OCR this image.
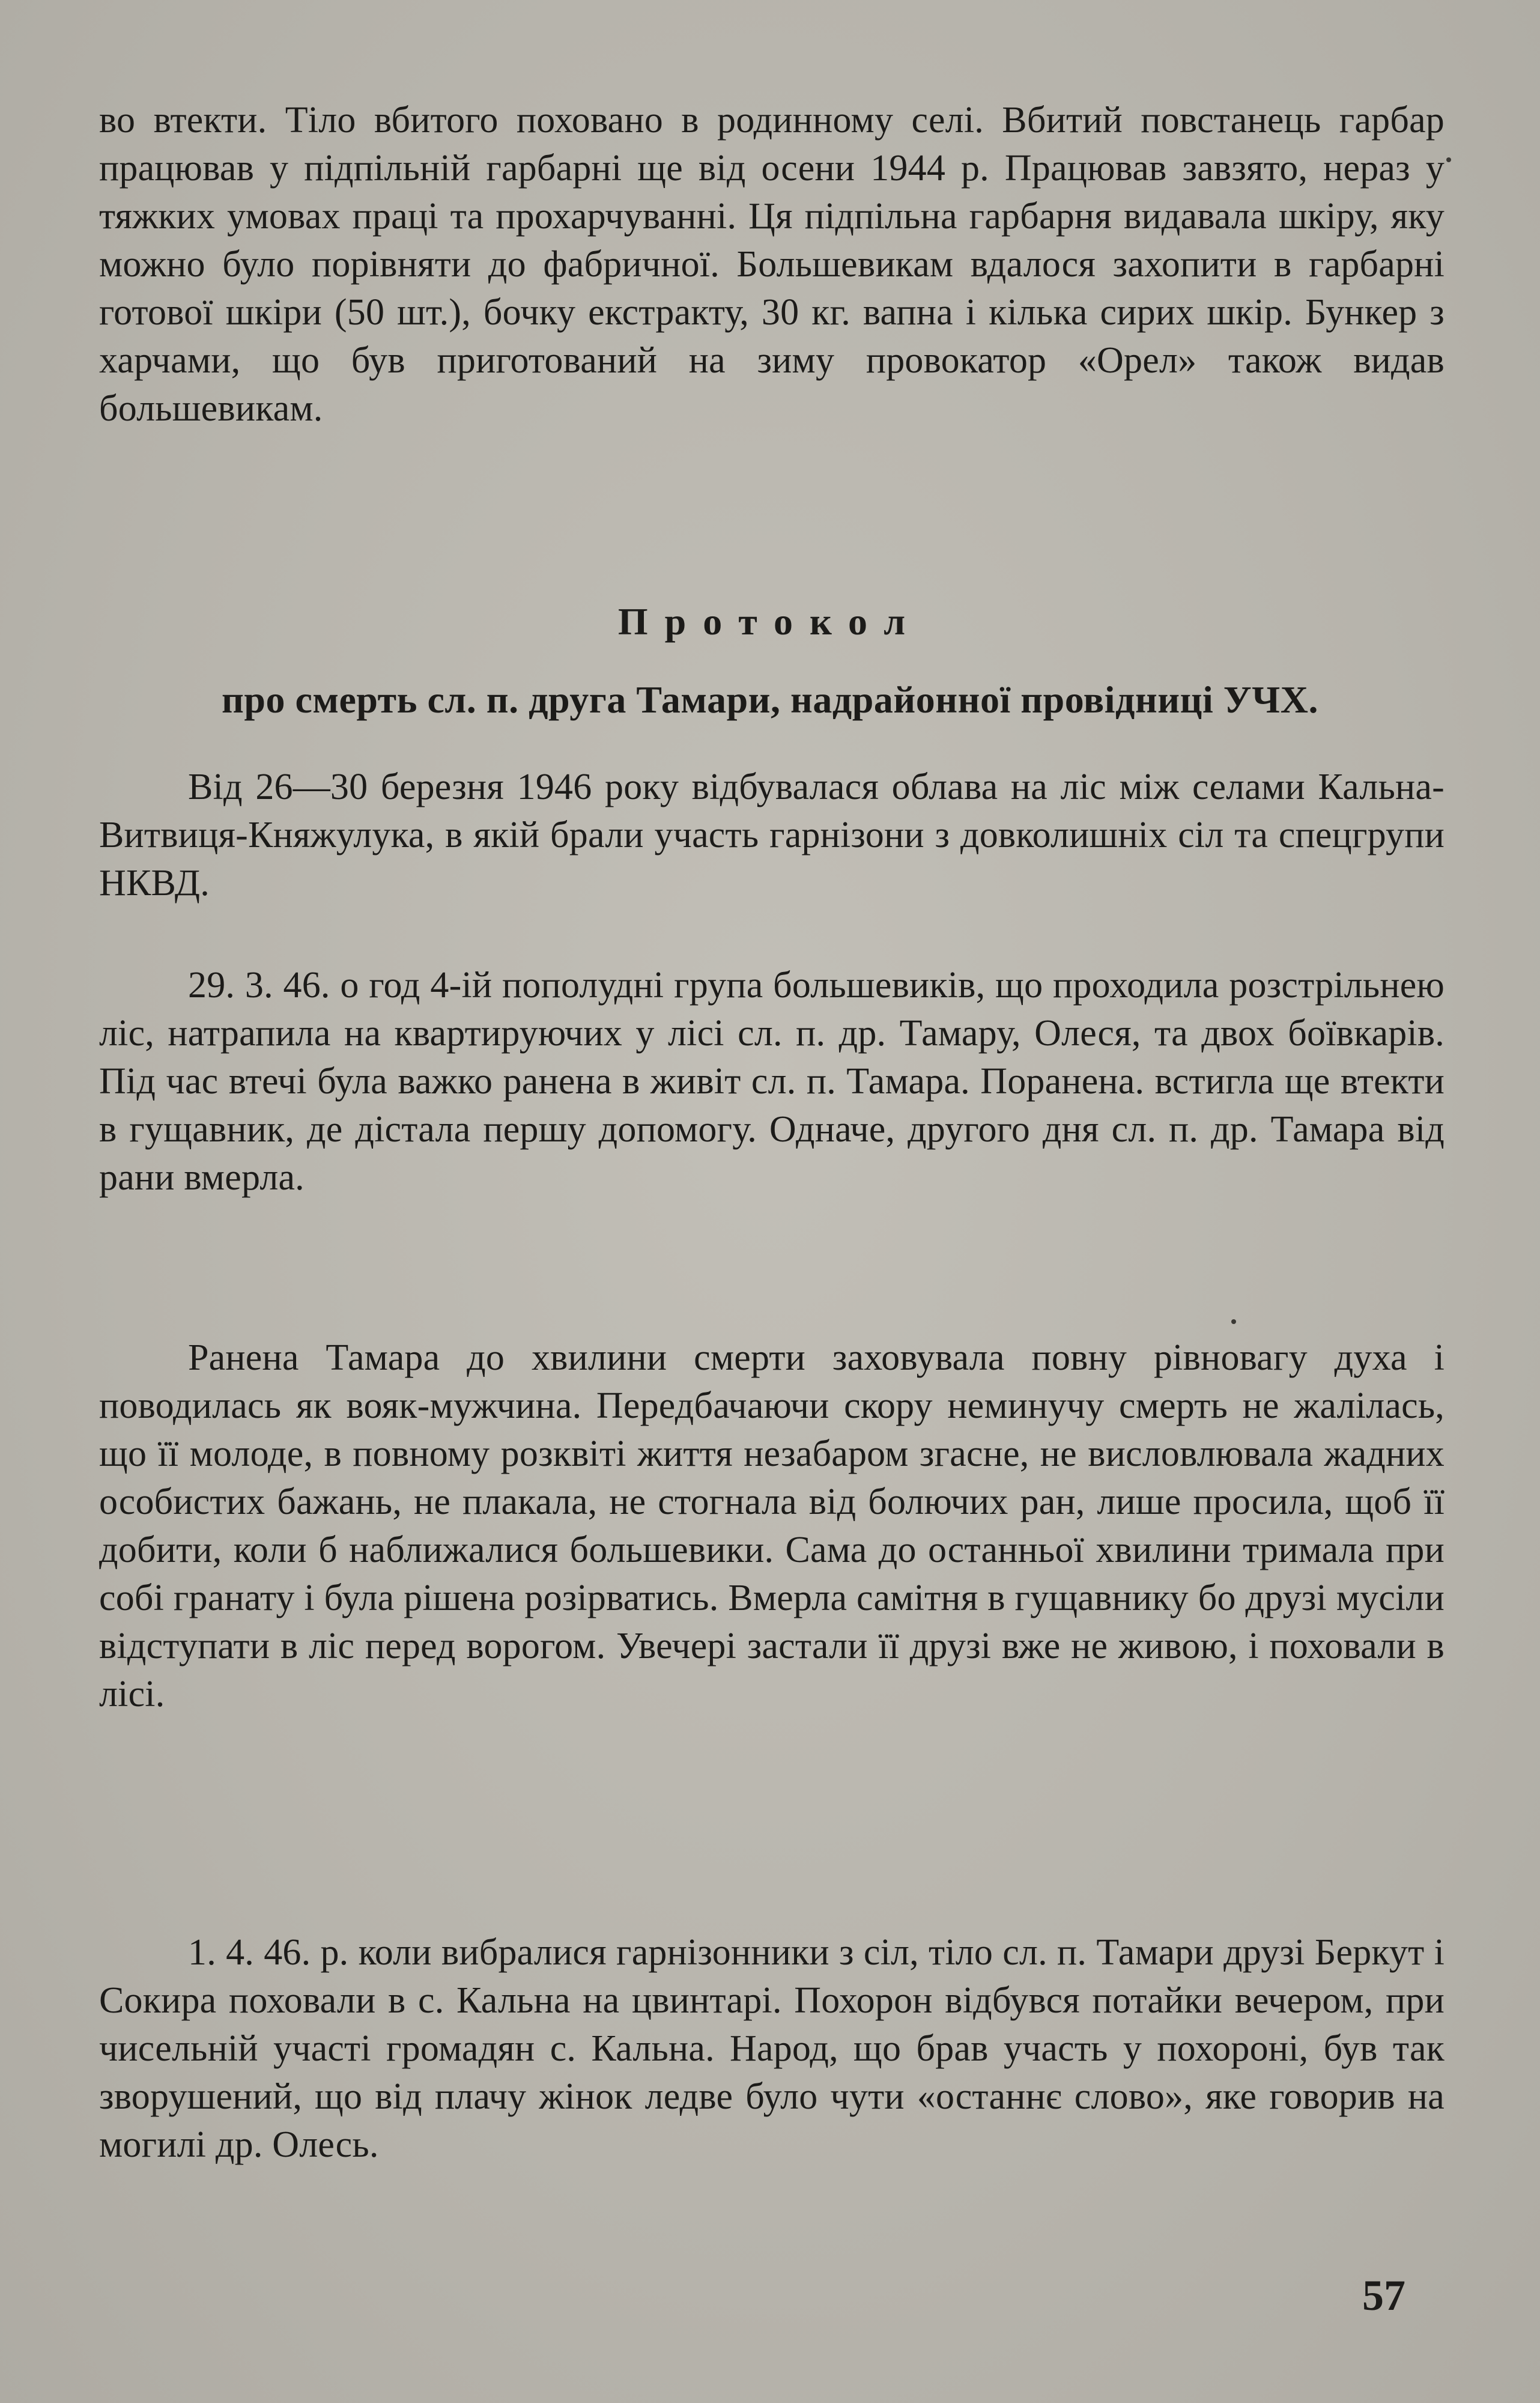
во втекти. Тіло вбитого поховано в родинному селі. Вбитий повстанець гарбар працював у підпільній гарбарні ще від осени 1944 р. Працював завзято, нераз у тяжких умовах праці та прохарчуванні. Ця підпільна гарбарня видавала шкіру, яку можно було порівняти до фабричної. Большевикам вдалося захопити в гарбарні готової шкіри (50 шт.), бочку екстракту, 30 кг. вапна і кілька сирих шкір. Бункер з харчами, що був приготований на зиму провокатор «Орел» також видав большевикам.

Протокол

про смерть сл. п. друга Тамари, надрайонної провідниці УЧХ.

Від 26—30 березня 1946 року відбувалася облава на ліс між селами Кальна-Витвиця-Княжулука, в якій брали участь гарнізони з довколишніх сіл та спецгрупи НКВД.

29. 3. 46. о год 4-ій пополудні група большевиків, що проходила розстрільнею ліс, натрапила на квартируючих у лісі сл. п. др. Тамару, Олеся, та двох боївкарів. Під час втечі була важко ранена в живіт сл. п. Тамара. Поранена. встигла ще втекти в гущавник, де дістала першу допомогу. Одначе, другого дня сл. п. др. Тамара від рани вмерла.

Ранена Тамара до хвилини смерти заховувала повну рівновагу духа і поводилась як вояк-мужчина. Передбачаючи скору неминучу смерть не жалілась, що її молоде, в повному розквіті життя незабаром згасне, не висловлювала жадних особистих бажань, не плакала, не стогнала від болючих ран, лише просила, щоб її добити, коли б наближалися большевики. Сама до останньої хвилини тримала при собі гранату і була рішена розірватись. Вмерла самітня в гущавнику бо друзі мусіли відступати в ліс перед ворогом. Увечері застали її друзі вже не живою, і поховали в лісі.

1. 4. 46. р. коли вибралися гарнізонники з сіл, тіло сл. п. Тамари друзі Беркут і Сокира поховали в с. Кальна на цвинтарі. Похорон відбувся потайки вечером, при чисельній участі громадян с. Кальна. Народ, що брав участь у похороні, був так зворушений, що від плачу жінок ледве було чути «останнє слово», яке говорив на могилі др. Олесь.

57
